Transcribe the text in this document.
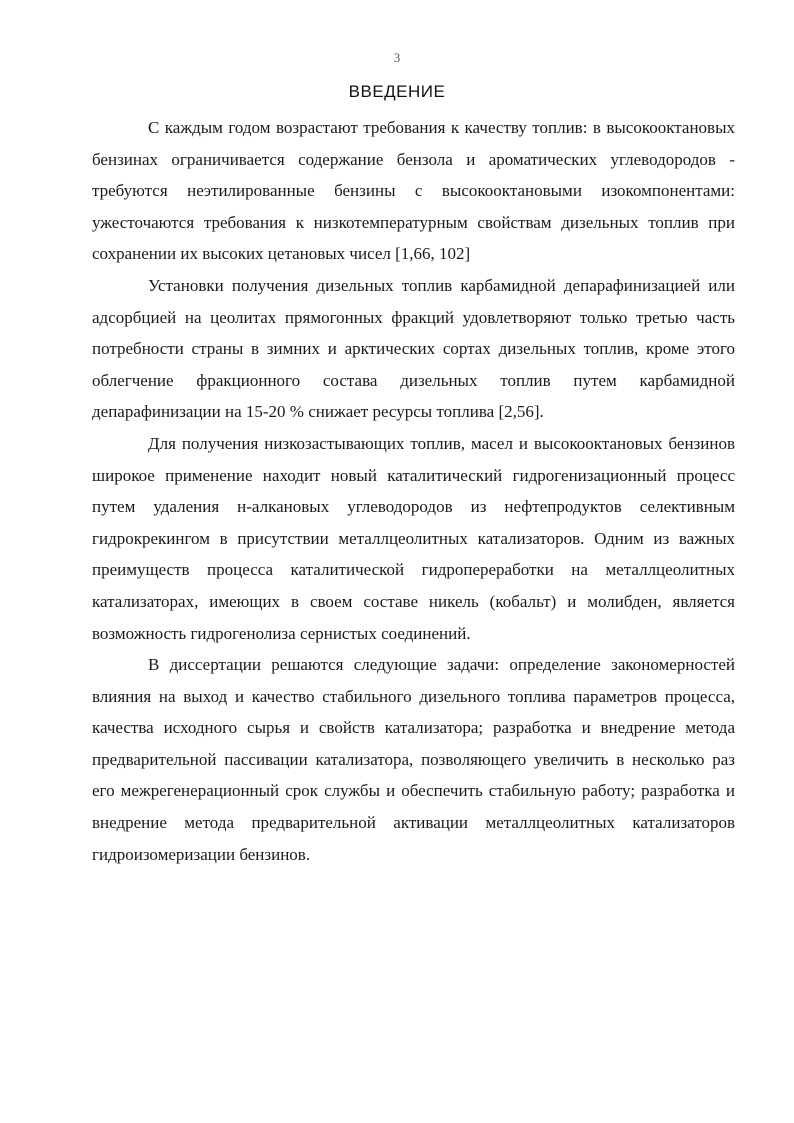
3
ВВЕДЕНИЕ

С каждым годом возрастают требования к качеству топлив: в высокооктановых бензинах ограничивается содержание бензола и ароматических углеводородов - требуются неэтилированные бензины с высокооктановыми изокомпонентами: ужесточаются требования к низкотемпературным свойствам дизельных топлив при сохранении их высоких цетановых чисел [1,66, 102]

Установки получения дизельных топлив карбамидной депарафинизацией или адсорбцией на цеолитах прямогонных фракций удовлетворяют только третью часть потребности страны в зимних и арктических сортах дизельных топлив, кроме этого облегчение фракционного состава дизельных топлив путем карбамидной депарафинизации на 15-20 % снижает ресурсы топлива [2,56].

Для получения низкозастывающих топлив, масел и высокооктановых бензинов широкое применение находит новый каталитический гидрогенизационный процесс путем удаления н-алкановых углеводородов из нефтепродуктов селективным гидрокрекингом в присутствии металлцеолитных катализаторов. Одним из важных преимуществ процесса каталитической гидропереработки на металлцеолитных катализаторах, имеющих в своем составе никель (кобальт) и молибден, является возможность гидрогенолиза сернистых соединений.

В диссертации решаются следующие задачи: определение закономерностей влияния на выход и качество стабильного дизельного топлива параметров процесса, качества исходного сырья и свойств катализатора; разработка и внедрение метода предварительной пассивации катализатора, позволяющего увеличить в несколько раз его межрегенерационный срок службы и обеспечить стабильную работу; разработка и внедрение метода предварительной активации металлцеолитных катализаторов гидроизомеризации бензинов.
